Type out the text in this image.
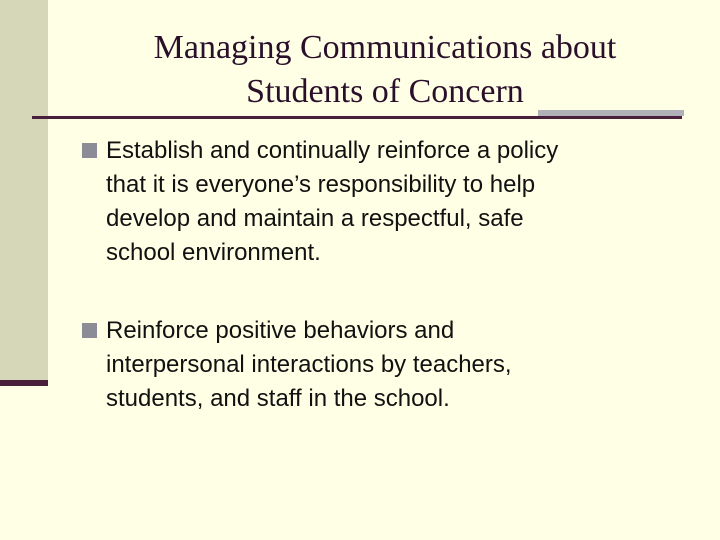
Managing Communications about
Students of Concern
Establish and continually reinforce a policy
that it is everyone’s responsibility to help
develop and maintain a respectful, safe
school environment.
Reinforce positive behaviors and
interpersonal interactions by teachers,
students, and staff in the school.
